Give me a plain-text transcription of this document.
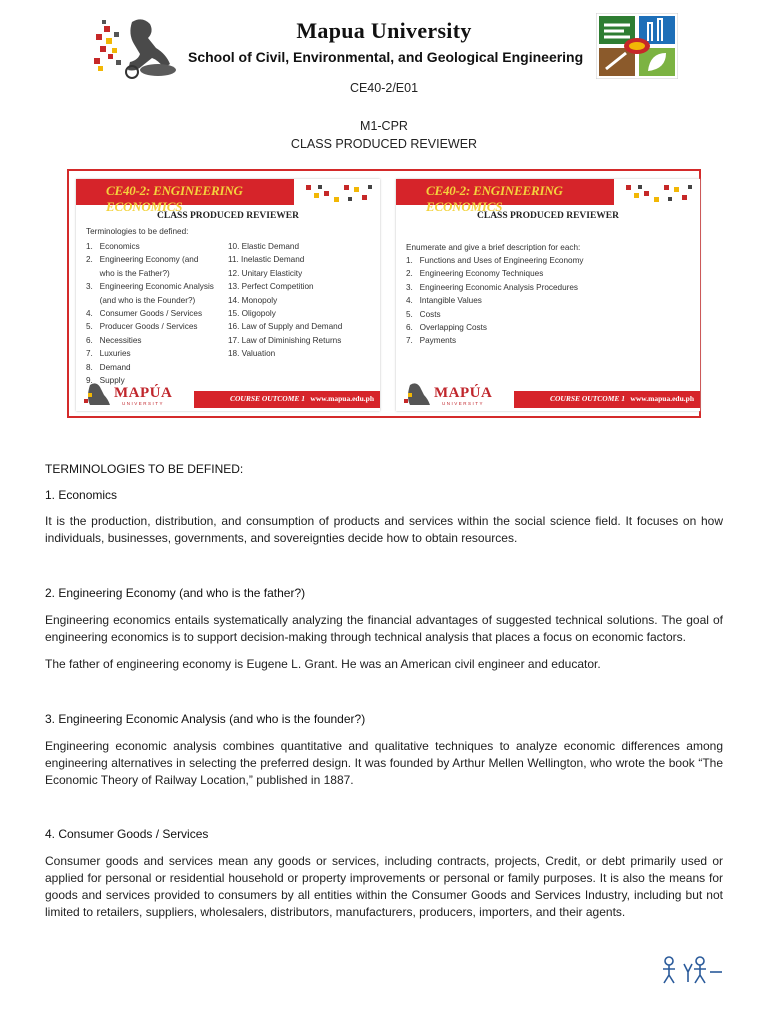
Mapua University
School of Civil, Environmental, and Geological Engineering
CE40-2/E01
M1-CPR
CLASS PRODUCED REVIEWER
CE40-2: ENGINEERING ECONOMICS
CLASS PRODUCED REVIEWER
Terminologies to be defined:
1.   Economics
2.   Engineering Economy (and
who is the Father?)
3.   Engineering Economic Analysis
(and who is the Founder?)
4.   Consumer Goods / Services
5.   Producer Goods / Services
6.   Necessities
7.   Luxuries
8.   Demand
9.   Supply
10. Elastic Demand
11. Inelastic Demand
12. Unitary Elasticity
13. Perfect Competition
14. Monopoly
15. Oligopoly
16. Law of Supply and Demand
17. Law of Diminishing Returns
18. Valuation
MAPÚA
UNIVERSITY
COURSE OUTCOME 1 www.mapua.edu.ph
CE40-2: ENGINEERING ECONOMICS
CLASS PRODUCED REVIEWER
Enumerate and give a brief description for each:
1.   Functions and Uses of Engineering Economy
2.   Engineering Economy Techniques
3.   Engineering Economic Analysis Procedures
4.   Intangible Values
5.   Costs
6.   Overlapping Costs
7.   Payments
MAPÚA
UNIVERSITY
COURSE OUTCOME 1 www.mapua.edu.ph
TERMINOLOGIES TO BE DEFINED:
1. Economics
It is the production, distribution, and consumption of products and services within the social science field. It focuses on how individuals, businesses, governments, and sovereignties decide how to obtain resources.
2. Engineering Economy (and who is the father?)
Engineering economics entails systematically analyzing the financial advantages of suggested technical solutions. The goal of engineering economics is to support decision-making through technical analysis that places a focus on economic factors.
The father of engineering economy is Eugene L. Grant. He was an American civil engineer and educator.
3. Engineering Economic Analysis (and who is the founder?)
Engineering economic analysis combines quantitative and qualitative techniques to analyze economic differences among engineering alternatives in selecting the preferred design. It was founded by Arthur Mellen Wellington, who wrote the book “The Economic Theory of Railway Location,” published in 1887.
4. Consumer Goods / Services
Consumer goods and services mean any goods or services, including contracts, projects, Credit, or debt primarily used or applied for personal or residential household or property improvements or personal or family purposes. It is also the means for goods and services provided to consumers by all entities within the Consumer Goods and Services Industry, including but not limited to retailers, suppliers, wholesalers, distributors, manufacturers, producers, importers, and their agents.
